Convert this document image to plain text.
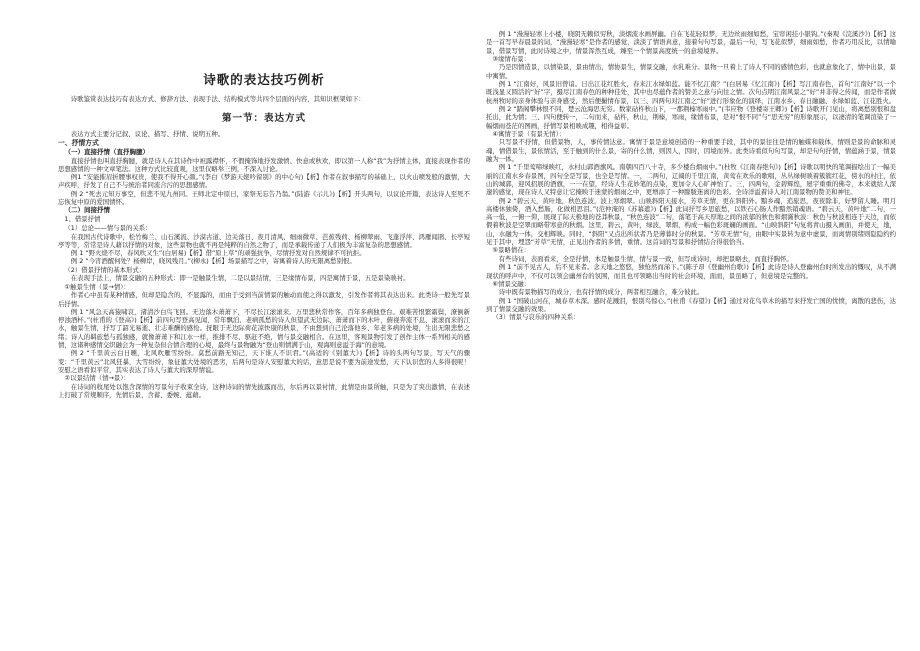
诗歌的表达技巧例析

诗歌鉴赏表达技巧有表达方式、修辞方法、表现手法、结构模式等共四个层面的内容，其知识框架如下：

第一节：表达方式

表达方式主要分记叙、议论、描写、抒情、说明五种。

一、抒情方式
（一）直接抒情（直抒胸臆）

直接抒情也叫直抒胸臆，就是诗人在其诗作中袒露襟怀，不假掩饰地抒发激愤、快意或秋欢，即以第一人称“我”为抒情主体，直接表现作者的思想感情的一种文章笔法。这种方式比较直观，这里仅略举三例，不深入讨论。

例1 “安能摧眉折腰事权贵，使我不得开心颜。”(李白《梦游天姥吟留别》的中心句)【析】作者在叙事描写的基础上，以火山喷发般的激情，大声疾呼，抒发了自己不与统治者同流合污的思想感情。

例 2 “死去元知万事空，但悲不见九州同。王师北定中原日，家祭无忘告乃翁。”(陆游《示儿》)【析】开头两句，以议论开篇，表达诗人至死不忘恢复中原的爱国情怀。

（二）间接抒情
1、借景抒情
（1）总论——情与景的关系：

在我国古代诗歌中，松竹梅兰、山石溪流、沙漠古道、边关落日、夜月清风、细雨微草、芭蕉残荷、杨柳翠雨、飞蓬浮萍、鸿雁闻鹃、长亭短亭等等，常常是诗人藉以抒情的对象，这些景物也就不再是纯粹的自然之物了，而是承载传递了人们极为丰富复杂的思想感情。

例 1 “野火烧不尽，春风吹又生”(白居易)【析】借“原上草”的顽强抗争，尽情抒发对自然规律不可抗拒。

例 2 “今宵酒醒何处？杨柳岸，晓风残月。”(柳永)【析】场景描写之中，寄寓着诗人的无限离愁别恨。

（2）借景抒情的基本形式：

在表现手法上，情景交融的五种形式：即一是触景生情，二是以景结情，三是缘情布景，四是寓情于景，五是景染映衬。

①触景生情（景→情）：

作者心中虽有某种情感，但却是隐含的，不显露的，而由于受到当前情景的触动而使之得以激发，引发作者将其表达出来。此类诗一般先写景后抒情。

例 1 “风急天高猿啸哀，渚清沙白鸟飞回。无边落木萧萧下，不尽长江滚滚来。万里悲秋常作客，百年多病独登台。艰难苦恨繁霜鬓，潦倒新停浊酒杯。”(杜甫的《登高》)【析】前四句写登高见闻，常年飘泊、老病孤愁的诗人但望武无边际、萧萧而下的木叶，俯视奔流不息、滚滚而来的江水，触景生情，抒写了韶光易逝、壮志难酬的感怆。抚眼于无边际荷花凉快康的秋景，不由想到自己沦落他乡、年老多病的处境，生出无限悲愁之绪；诗人的羁旅愁与孤独感，就像萧萧下和江水一样，推排不尽、驱赶不绝，情与景交融相合。在这里，客观景物引发了创作主体一系列相关的感情，这诸种感情交织融会为一种复杂但合情合理的心境，最终与景物融为“登山则情满于山，观海则意溢于海”的意境。

例 2 “千里黄云白日曛，北风吹雁雪纷纷。莫愁前路无知己，天下谁人不识君。”(高适的《别董大》)【析】诗的头两句写景，写天气的骤变：“千里黄云”北风狂暴，大雪纷纷，象征董大处境的恶劣，后两句是诗人安慰董大的话，意思是说不要为前途发愁，天下认识您的人多得很呢！安慰之语看似平常，其实表达了诗人与董大的深厚情谊。

②以景结情（情→景）：

在诗词的收尾处以饱含深情的写景句子收束全诗，这种诗词的情先披露而出，尔后再以景衬情，此情是由景所触，只是为了突出激情，在表述上打破了常规顺序，先情后景，含蓄、委婉、蕴藉。

例 1 “漫漫轻寒上小楼，晓阴无赖似穷秋，淡烟流水画屏幽。自在飞花轻似梦，无边丝雨细如愁，宝帘闲挂小银钩。”(秦观《浣溪沙》)【析】这是一首写早春晨景的词，“漫漫轻寒”是作者的感觉，淡淡了情语真意，接着句句写景，最后一句，写飞花似梦，细雨如愁，作者巧用反比，以情喻景，借景写情，此时诗境之中，情景浑然互成，臻至一个情景高度统一的意境境界。

③缘情布景：

乃是因情造景，以情染景，景由情出，情协景生，情景交融，水乳难分。景物一旦着上了诗人不同的感情色彩，也就意象化了，情中出景，景中寓情。

例 1 “江南好，风景旧曾谙。日出江花红胜火，春来江水绿如蓝。能不忆江南？”(白居易《忆江南》)【析】写江南春色，首句“江南好”以一个既浅显又圆活的“好”字，摄尽江南春色的种种佳处，其中也尽蕴作者的赞美之意与向往之情。次句点明江南风景之“好”并非得之传闻，而是作者做杭州牧时的亲身体验与亲身感受，然后便撮情布景，以三、四两句对江南之“好”进行形象化的演绎，江南水乡、春日融融、水绿如蓝、江花胜火。

例 2 “踏阁攀林恨不同，楚云沧海思无穷。数家砧杵秋山下，一郡荆榛寒雨中。”(韦应物《登楼寄王卿》)【析】诗歌开门见山，将离愁别恨和盘托出，此为情；三、四句便转一，二句而来，砧杵，秋山，荆榛，寒雨，缘情布景，是对“恨不同”与“思无穷”的形象展示，以凄清的笔调渲染了一幅烟雨苍茫的图画，抒情写景相映成趣，相得益彰。

④寓情于景（有景无情）：

只写景不抒情，但借景物，人，事传情达意。寓情于景是意境创造的一种重要手段，其中的景往往是情的触媒和载体，情则是景的命脉和灵魂，情借景生，景依情活，至于触到的什么景，寄的什么情，则因人，因时，因境而异。此类诗看似句句写景，却是句句抒情，情蕴涵于景，情景融为一体。

例 1 “千里莺啼绿映红，水村山郭酒旗风。南朝四百八十寺，多少楼台烟雨中。”(杜牧《江南春绝句》)【析】诗歌以明快的笔调描绘出了一幅美丽的江南水乡春景图，四句全是写景，也全是写情。一，二两句，辽阔的千里江南，黄莺在欢乐的歌唱，丛丛绿树映着簇簇红花，傍水的村庄，依山的城郭，迎风招展的酒旗，一一在望，经诗人生花妙笔的点染，更加令人心旷神怡了。三，四两句，金碧辉煌，屋宇重重的佛寺，本来就给人深邃的感觉，现在诗人又特意让它掩映于迷蒙的烟雨之中，更增添了一种朦胧迷离的色彩。全诗洋溢着诗人对江南景物的赞美和神往。

例 2 “碧云天，黄叶地，秋色连波，波上寒烟翠。山映斜阳天接水，芳草无情，更在斜阳外。黯乡魂，追旅思，夜夜除非，好梦留人睡。明月高楼休独倚，酒入愁肠，化做相思泪。”(范仲淹的《苏幕遮》)【析】此词抒写乡思旅愁，以铁石心肠人作黯然销魂语。“碧云天，黄叶地”二句，一高一低，一俯一仰，展现了际天极地的苍莽秋景，“秋色连波”二句，落笔于高天厚地之间的浓郁的秋色和烟霭秋波：秋色与秋波相连于天边，而依偎着秋波是空翠而略带寒意的秋烟。这里，碧云，黄叶，绿波，翠烟，构成一幅色彩斑斓的画面。“山映斜阳”句复将青山摄入画面，并使天，地，山，水融为一体，交相辉映。同时，“斜阳”又点出所状者乃是薄暮时分的秋景。“芳草无情”句，由眼中实景转为意中虚景，而离情别绪则隐隐约约见于其中，埋怨“芳草”无情，正见出作者的多情，重情。这首词的写景和抒情结合得很恰当。

⑤景略情在：

有些诗词，表面看来，全是抒情，本是触景生情，情与景一致，但写成诗时，却把景略去，而直抒胸怀。

例 1 “前不见古人，后不见来者。念天地之悠悠，独怆然而涕下。”(陈子昂《登幽州台歌》)【析】此诗是诗人登幽州台时所发出的慨叹，从不满现状的呼声中，不仅可以领会幽州台的氛围，而且也可领略出当时的社会环境，面而，景虽略了，但意境是完整的。

⑥情景交融：

诗中既有景物描写的成分，也有抒情的成分，两者相互融合，难分彼此。

例 1 “国破山河在，城春草木深。感时花溅泪，恨别鸟惊心。”(杜甫《春望》)【析】通过对花鸟草木的描写来抒发亡国的忧愤，离散的悲伤，达到了情景交融的效果。

（3）情景与哀乐的四种关系：
